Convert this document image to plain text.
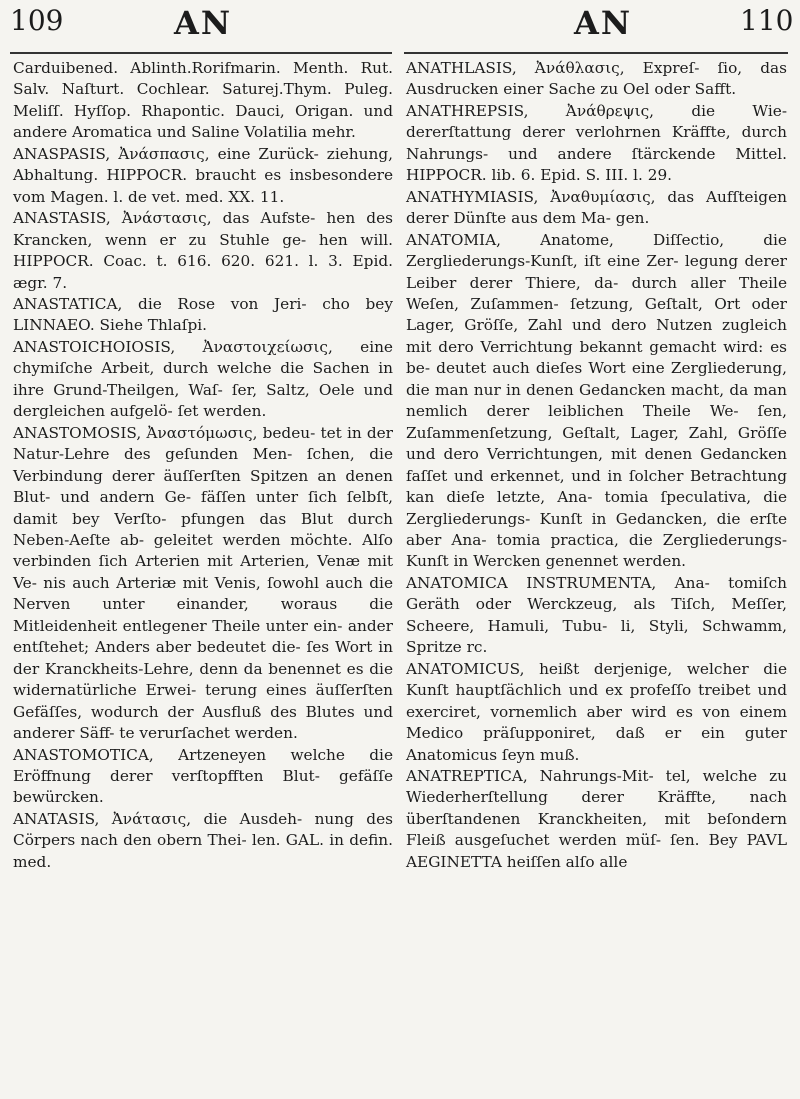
109	AN	AN	110

Carduibened. Ablinth.Rorifmarin. Menth. Rut. Salv. Naſturt. Cochlear. Saturej.Thym. Puleg. Meliſſ. Hyſſop. Rhapontic. Dauci, Origan. und andere Aromatica und Saline Volatilia mehr.

ANASPASIS, Ἀνάσπασις, eine Zurück- ziehung, Abhaltung. HIPPOCR. braucht es insbesondere vom Magen. l. de vet. med. XX. 11.

ANASTASIS, Ἀνάστασις, das Aufste- hen des Krancken, wenn er zu Stuhle ge- hen will. HIPPOCR. Coac. t. 616. 620. 621. l. 3. Epid. ægr. 7.

ANASTATICA, die Rose von Jeri- cho bey LINNAEO. Siehe Thlaſpi.

ANASTOICHOIOSIS, Ἀναστοιχείωσις, eine chymiſche Arbeit, durch welche die Sachen in ihre Grund-Theilgen, Waſ- ſer, Saltz, Oele und dergleichen aufgelö- ſet werden.

ANASTOMOSIS, Ἀναστόμωσις, bedeu- tet in der Natur-Lehre des geſunden Men- ſchen, die Verbindung derer äuſſerſten Spitzen an denen Blut- und andern Ge- fäſſen unter ſich ſelbſt, damit bey Verſto- pfungen das Blut durch Neben-Aeſte ab- geleitet werden möchte. Alſo verbinden ſich Arterien mit Arterien, Venæ mit Ve- nis auch Arteriæ mit Venis, ſowohl auch die Nerven unter einander, woraus die Mitleidenheit entlegener Theile unter ein- ander entſtehet; Anders aber bedeutet die- ſes Wort in der Kranckheits-Lehre, denn da benennet es die widernatürliche Erwei- terung eines äuſſerſten Gefäſſes, wodurch der Ausfluß des Blutes und anderer Säff- te verurſachet werden.

ANASTOMOTICA, Artzeneyen welche die Eröffnung derer verſtopfften Blut- gefäſſe bewürcken.

ANATASIS, Ἀνάτασις, die Ausdeh- nung des Cörpers nach den obern Thei- len. GAL. in defin. med.

ANATHLASIS, Ἀνάθλασις, Expreſ- ſio, das Ausdrucken einer Sache zu Oel oder Safft.

ANATHREPSIS, Ἀνάθρεψις, die Wie- dererſtattung derer verlohrnen Kräffte, durch Nahrungs- und andere ſtärckende Mittel. HIPPOCR. lib. 6. Epid. S. III. l. 29.

ANATHYMIASIS, Ἀναθυμίασις, das Aufſteigen derer Dünſte aus dem Ma- gen.

ANATOMIA, Anatome, Diſſectio, die Zergliederungs-Kunſt, iſt eine Zer- legung derer Leiber derer Thiere, da- durch aller Theile Weſen, Zuſammen- ſetzung, Geſtalt, Ort oder Lager, Gröſſe, Zahl und dero Nutzen zugleich mit dero Verrichtung bekannt gemacht wird: es be- deutet auch dieſes Wort eine Zergliederung, die man nur in denen Gedancken macht, da man nemlich derer leiblichen Theile We- ſen, Zuſammenſetzung, Geſtalt, Lager, Zahl, Gröſſe und dero Verrichtungen, mit denen Gedancken faſſet und erkennet, und in ſolcher Betrachtung kan dieſe letzte, Ana- tomia ſpeculativa, die Zergliederungs- Kunſt in Gedancken, die erſte aber Ana- tomia practica, die Zergliederungs-Kunſt in Wercken genennet werden.

ANATOMICA INSTRUMENTA, Ana- tomiſch Geräth oder Werckzeug, als Tiſch, Meſſer, Scheere, Hamuli, Tubu- li, Styli, Schwamm, Spritze rc.

ANATOMICUS, heißt derjenige, welcher die Kunſt hauptſächlich und ex profeſſo treibet und exerciret, vornemlich aber wird es von einem Medico präſupponiret, daß er ein guter Anatomicus ſeyn muß.

ANATREPTICA, Nahrungs-Mit- tel, welche zu Wiederherſtellung derer Kräffte, nach überſtandenen Kranckheiten, mit beſondern Fleiß ausgeſuchet werden müſ- ſen. Bey PAVL AEGINETTA heiſſen alſo alle
